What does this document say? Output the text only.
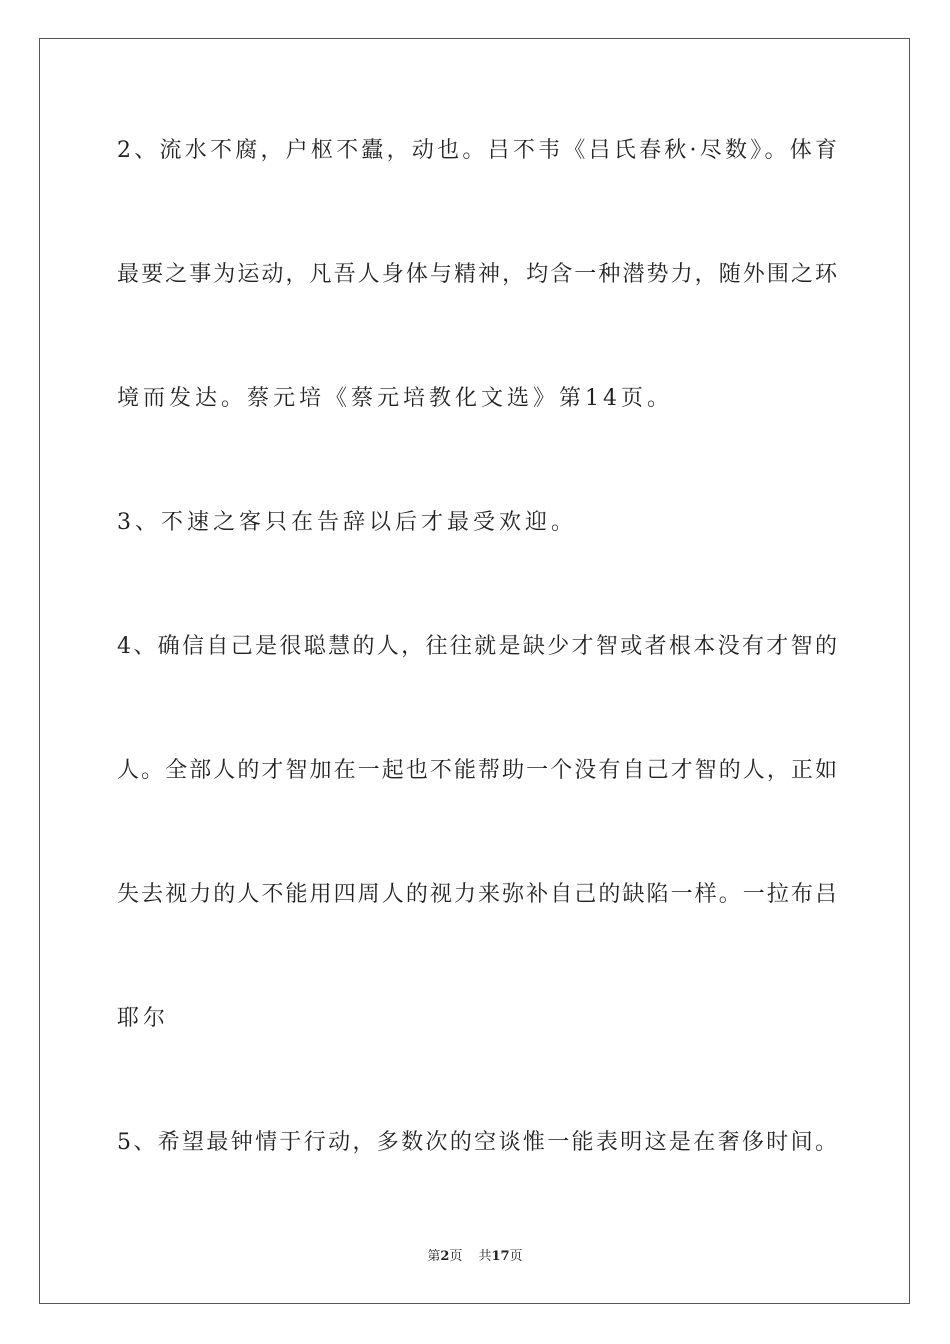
2、流水不腐，户枢不蠹，动也。吕不韦《吕氏春秋·尽数》。体育
最要之事为运动，凡吾人身体与精神，均含一种潜势力，随外围之环
境而发达。蔡元培《蔡元培教化文选》第14页。
3、不速之客只在告辞以后才最受欢迎。
4、确信自己是很聪慧的人，往往就是缺少才智或者根本没有才智的
人。全部人的才智加在一起也不能帮助一个没有自己才智的人，正如
失去视力的人不能用四周人的视力来弥补自己的缺陷一样。一拉布吕
耶尔
5、希望最钟情于行动，多数次的空谈惟一能表明这是在奢侈时间。
第2页 共17页
